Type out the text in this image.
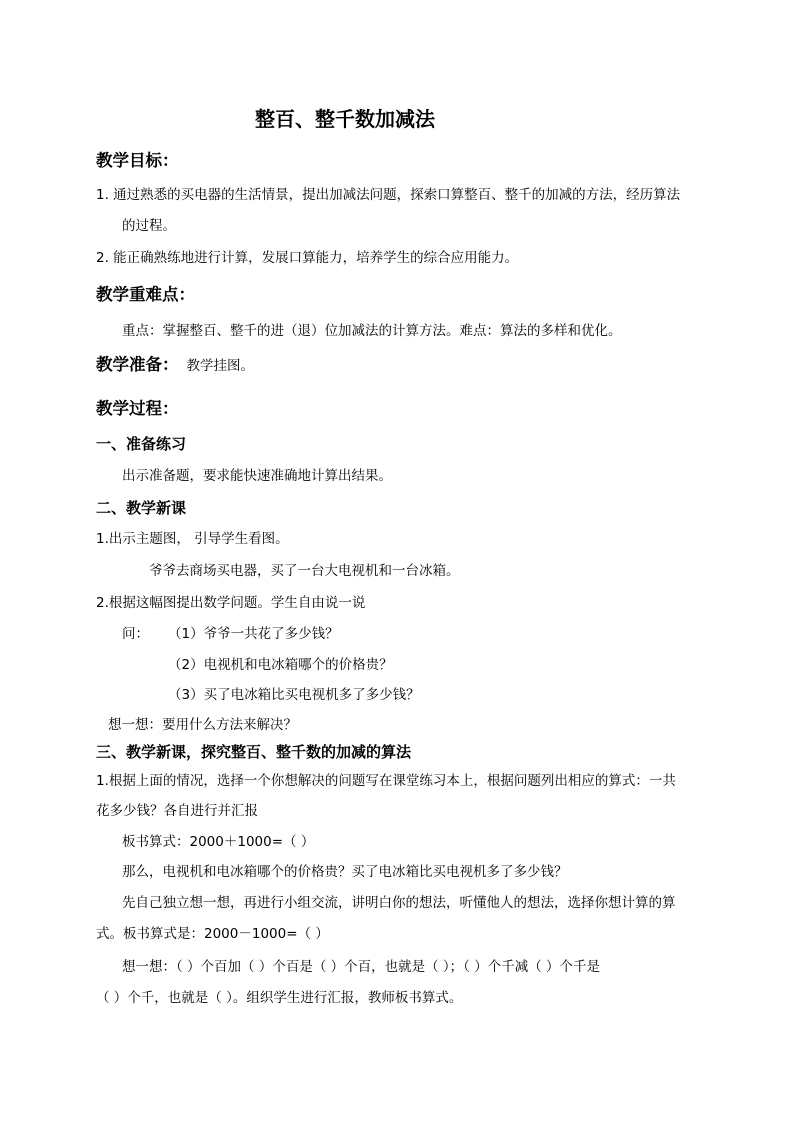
整百、整千数加减法
教学目标：
1. 通过熟悉的买电器的生活情景，提出加减法问题，探索口算整百、整千的加减的方法，经历算法
的过程。
2. 能正确熟练地进行计算，发展口算能力，培养学生的综合应用能力。
教学重难点：
重点：掌握整百、整千的进（退）位加减法的计算方法。难点：算法的多样和优化。
教学准备： 教学挂图。
教学过程：
一、准备练习
出示准备题，要求能快速准确地计算出结果。
二、教学新课
1.出示主题图， 引导学生看图。
爷爷去商场买电器，买了一台大电视机和一台冰箱。
2.根据这幅图提出数学问题。学生自由说一说
问： （1）爷爷一共花了多少钱？
（2）电视机和电冰箱哪个的价格贵？
（3）买了电冰箱比买电视机多了多少钱？
想一想：要用什么方法来解决？
三、教学新课，探究整百、整千数的加减的算法
1.根据上面的情况，选择一个你想解决的问题写在课堂练习本上，根据问题列出相应的算式：一共
花多少钱？各自进行并汇报
板书算式：2000＋1000=（ ）
那么，电视机和电冰箱哪个的价格贵？买了电冰箱比买电视机多了多少钱？
先自己独立想一想，再进行小组交流，讲明白你的想法，听懂他人的想法，选择你想计算的算
式。板书算式是：2000－1000=（ ）
想一想：（ ）个百加（ ）个百是（ ）个百，也就是（ ）；（ ）个千减（ ）个千是
（ ）个千，也就是（ ）。组织学生进行汇报，教师板书算式。
